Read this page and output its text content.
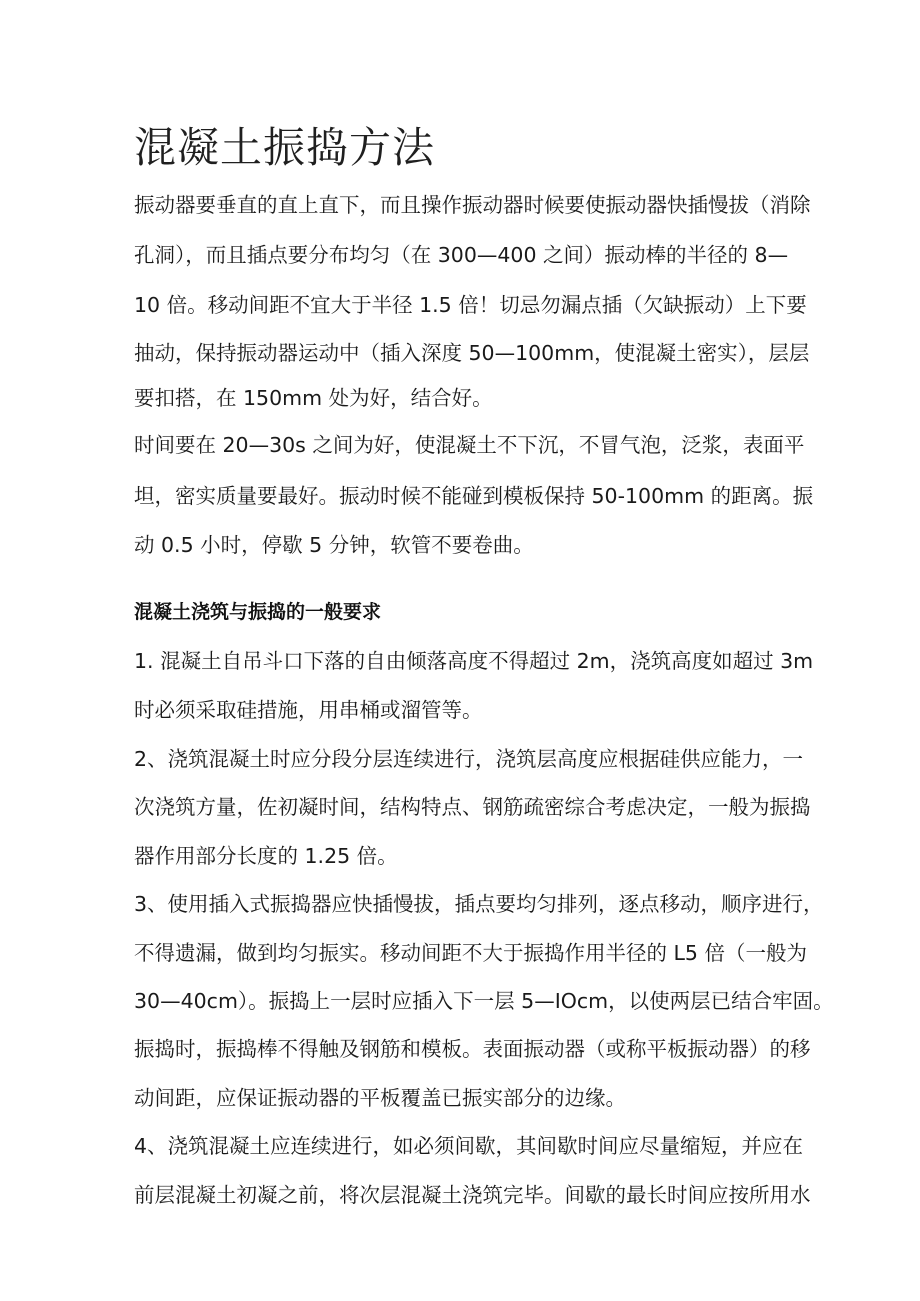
混凝土振捣方法

振动器要垂直的直上直下，而且操作振动器时候要使振动器快插慢拔（消除

孔洞），而且插点要分布均匀（在 300—400 之间）振动棒的半径的 8—

10 倍。移动间距不宜大于半径 1.5 倍！切忌勿漏点插（欠缺振动）上下要

抽动，保持振动器运动中（插入深度 50—100mm，使混凝土密实），层层

要扣搭，在 150mm 处为好，结合好。

时间要在 20—30s 之间为好，使混凝土不下沉，不冒气泡，泛浆，表面平

坦，密实质量要最好。振动时候不能碰到模板保持 50-100mm 的距离。振

动 0.5 小时，停歇 5 分钟，软管不要卷曲。

混凝土浇筑与振捣的一般要求

1. 混凝土自吊斗口下落的自由倾落高度不得超过 2m，浇筑高度如超过 3m

时必须采取硅措施，用串桶或溜管等。

2、浇筑混凝土时应分段分层连续进行，浇筑层高度应根据硅供应能力，一

次浇筑方量，佐初凝时间，结构特点、钢筋疏密综合考虑决定，一般为振捣

器作用部分长度的 1.25 倍。

3、使用插入式振捣器应快插慢拔，插点要均匀排列，逐点移动，顺序进行，

不得遗漏，做到均匀振实。移动间距不大于振捣作用半径的 L5 倍（一般为

30—40cm）。振捣上一层时应插入下一层 5—IOcm，以使两层已结合牢固。

振捣时，振捣棒不得触及钢筋和模板。表面振动器（或称平板振动器）的移

动间距，应保证振动器的平板覆盖已振实部分的边缘。

4、浇筑混凝土应连续进行，如必须间歇，其间歇时间应尽量缩短，并应在

前层混凝土初凝之前，将次层混凝土浇筑完毕。间歇的最长时间应按所用水
